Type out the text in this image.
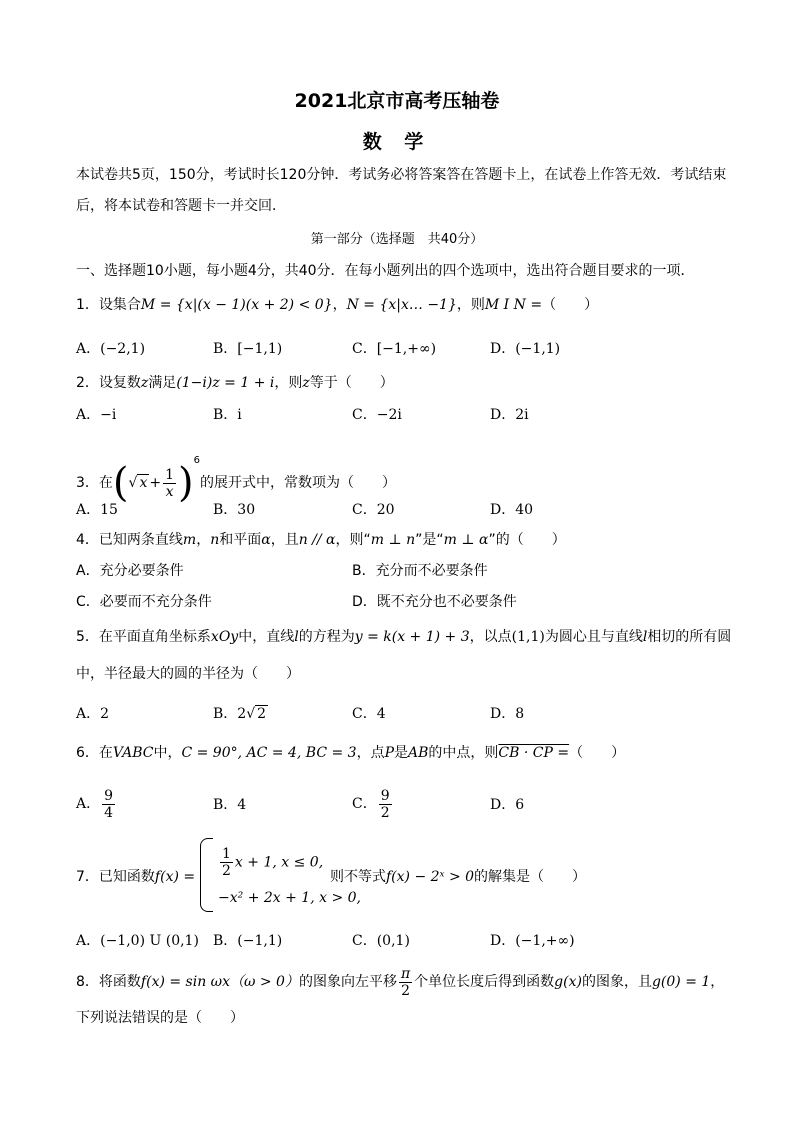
2021北京市高考压轴卷
数 学
本试卷共5页，150分，考试时长120分钟．考试务必将答案答在答题卡上，在试卷上作答无效．考试结束
后，将本试卷和答题卡一并交回．
第一部分（选择题　共40分）
一、选择题10小题，每小题4分，共40分．在每小题列出的四个选项中，选出符合题目要求的一项．
1．设集合M = {x|(x − 1)(x + 2) < 0}，N = {x|x… −1}，则M I N =（　　）
A．(−2,1)	B．[−1,1)	C．[−1,+∞)	D．(−1,1)
2．设复数z满足(1−i)z = 1 + i，则z等于（　　）
A．−i	B．i	C．−2i	D．2i
3．在(√ $x + \frac{1}{x} )^6$的展开式中，常数项为（　　）
A．15	B．30	C．20	D．40
4．已知两条直线m，n和平面α，且n // α，则“m ⊥ n”是“m ⊥ α”的（　　）
A．充分必要条件	B．充分而不必要条件
C．必要而不充分条件	D．既不充分也不必要条件
5．在平面直角坐标系xOy中，直线l的方程为y = k(x + 1) + 3，以点(1,1)为圆心且与直线l相切的所有圆
中，半径最大的圆的半径为（　　）
A．2	B．2√ 2	C．4	D．8
6．在VABC中，C = 90°, AC = 4, BC = 3，点P是AB的中点，则CB · CP =（　　）
A． $\frac{9}{4}$	B．4	C． $\frac{9}{2}$	D．6
7．已知函数$f(x) = \frac{1}{2}$ x + 1, x ≤ 0,
−x² + 2x + 1, x > 0,
则不等式f(x) − 2ˣ > 0的解集是（　　）
A．(−1,0) U (0,1) B．(−1,1)	C．(0,1)	D．(−1,+∞)
8．将函数f(x) = sin ωx（ω > 0）的图象向左平移 $\frac{\pi}{2}$ 个单位长度后得到函数g(x)的图象，且g(0) = 1，
下列说法错误的是（　　）
